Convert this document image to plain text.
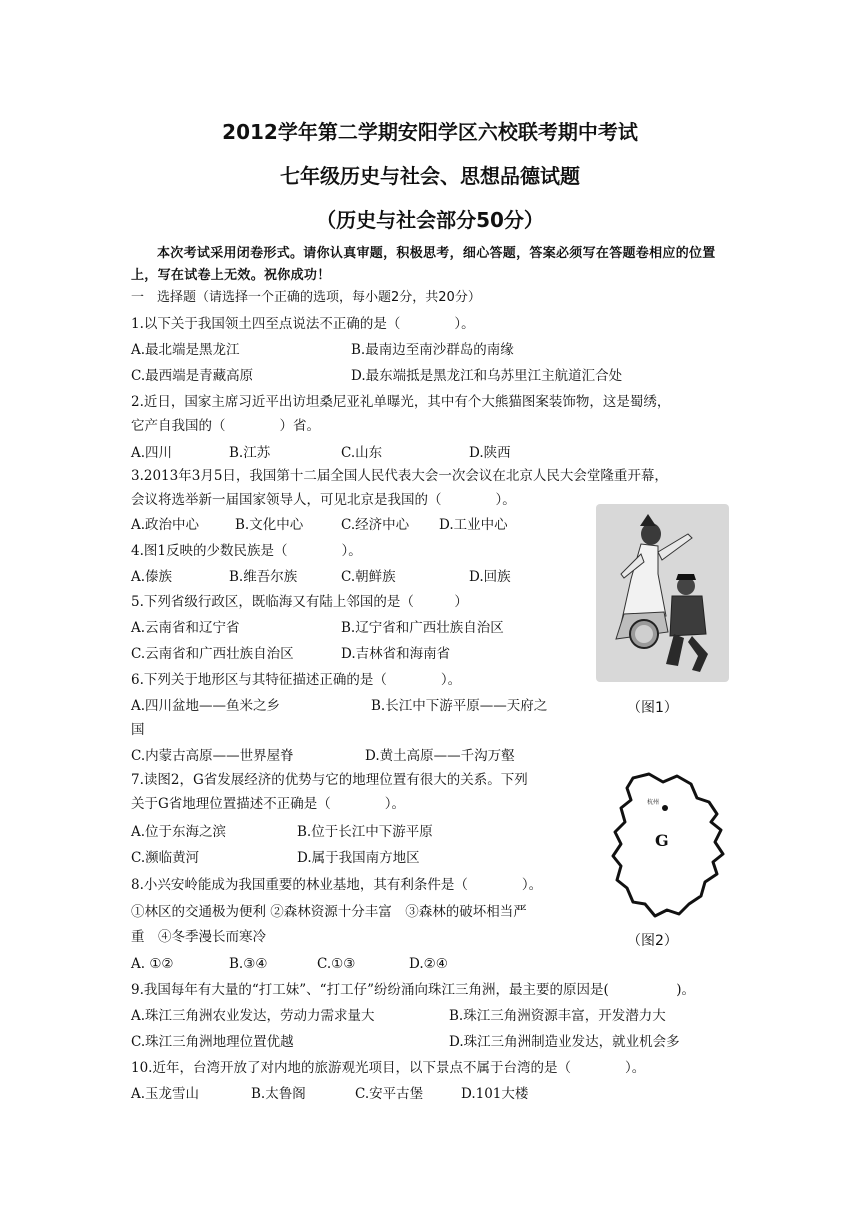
2012学年第二学期安阳学区六校联考期中考试
七年级历史与社会、思想品德试题
（历史与社会部分50分）
本次考试采用闭卷形式。请你认真审题，积极思考，细心答题，答案必须写在答题卷相应的位置上，写在试卷上无效。祝你成功！
一　选择题（请选择一个正确的选项，每小题2分，共20分）
1.以下关于我国领土四至点说法不正确的是（　　　　）。
A.最北端是黑龙江	B.最南边至南沙群岛的南缘
C.最西端是青藏高原	D.最东端抵是黑龙江和乌苏里江主航道汇合处
2.近日，国家主席习近平出访坦桑尼亚礼单曝光，其中有个大熊猫图案装饰物，这是蜀绣，
它产自我国的（　　　　）省。
A.四川	B.江苏	C.山东	D.陕西
3.2013年3月5日，我国第十二届全国人民代表大会一次会议在北京人民大会堂隆重开幕，
会议将选举新一届国家领导人，可见北京是我国的（　　　　）。
A.政治中心	B.文化中心	C.经济中心 D.工业中心
4.图1反映的少数民族是（　　　　）。
A.傣族	B.维吾尔族	C.朝鲜族	D.回族
5.下列省级行政区，既临海又有陆上邻国的是（　　　）
A.云南省和辽宁省	B.辽宁省和广西壮族自治区
C.云南省和广西壮族自治区	D.吉林省和海南省
6.下列关于地形区与其特征描述正确的是（　　　　）。
A.四川盆地——鱼米之乡	B.长江中下游平原——天府之
国
C.内蒙古高原——世界屋脊	D.黄土高原——千沟万壑
7.读图2，G省发展经济的优势与它的地理位置有很大的关系。下列
关于G省地理位置描述不正确是（　　　　）。
A.位于东海之滨	B.位于长江中下游平原
C.濒临黄河	D.属于我国南方地区
8.小兴安岭能成为我国重要的林业基地，其有利条件是（　　　　）。
①林区的交通极为便利 ②森林资源十分丰富　③森林的破坏相当严
重　④冬季漫长而寒冷
A. ①②	B.③④	C.①③	D.②④
9.我国每年有大量的“打工妹”、“打工仔”纷纷涌向珠江三角洲，最主要的原因是(　　　　　)。
A.珠江三角洲农业发达，劳动力需求量大	B.珠江三角洲资源丰富，开发潜力大
C.珠江三角洲地理位置优越	D.珠江三角洲制造业发达，就业机会多
10.近年，台湾开放了对内地的旅游观光项目，以下景点不属于台湾的是（　　　　）。
A.玉龙雪山	B.太鲁阁	C.安平古堡	D.101大楼
（图1）
G
杭州
（图2）
